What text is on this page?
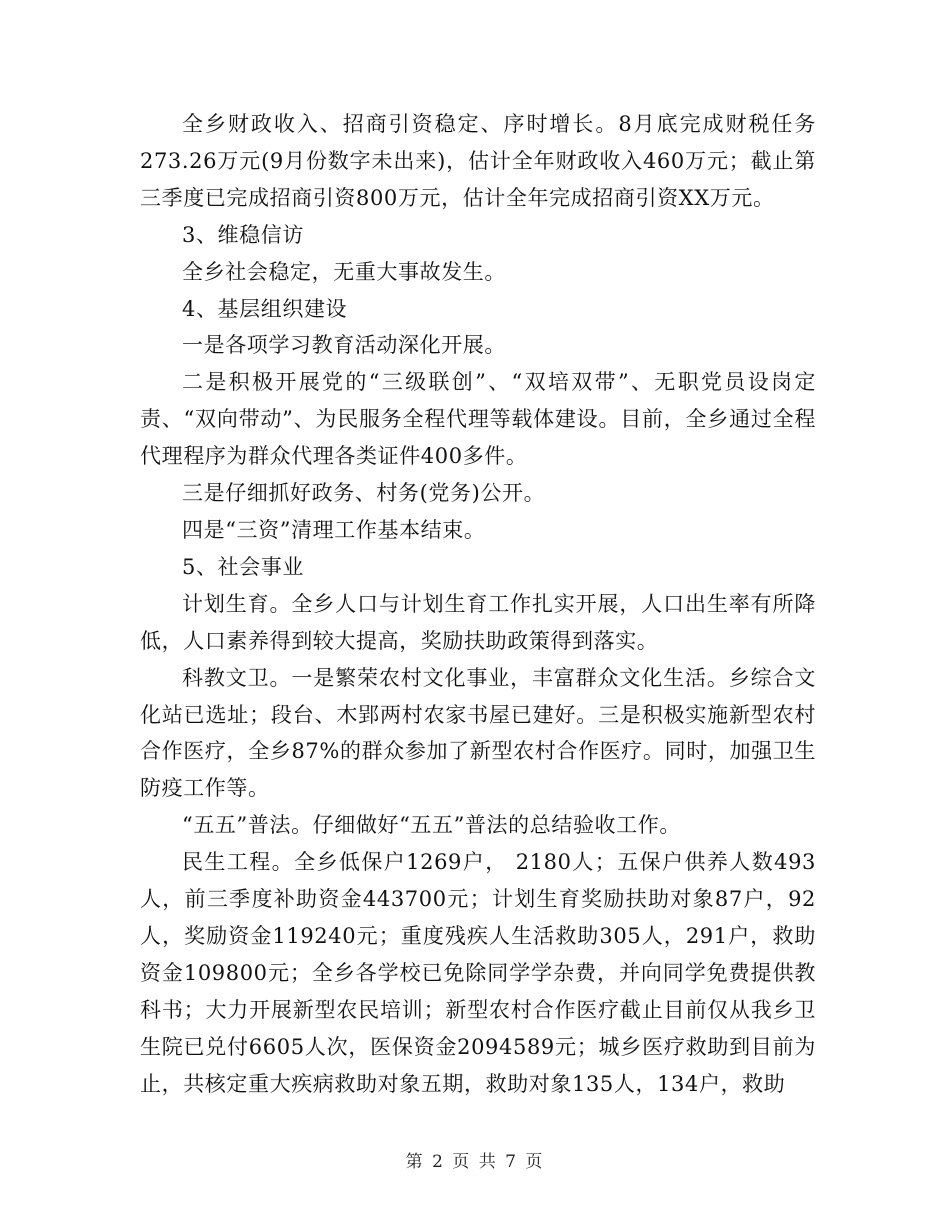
全乡财政收入、招商引资稳定、序时增长。8月底完成财税任务273.26万元(9月份数字未出来)，估计全年财政收入460万元；截止第三季度已完成招商引资800万元，估计全年完成招商引资XX万元。

3、维稳信访

全乡社会稳定，无重大事故发生。

4、基层组织建设

一是各项学习教育活动深化开展。

二是积极开展党的“三级联创”、“双培双带”、无职党员设岗定责、“双向带动”、为民服务全程代理等载体建设。目前，全乡通过全程代理程序为群众代理各类证件400多件。

三是仔细抓好政务、村务(党务)公开。

四是“三资”清理工作基本结束。

5、社会事业

计划生育。全乡人口与计划生育工作扎实开展，人口出生率有所降低，人口素养得到较大提高，奖励扶助政策得到落实。

科教文卫。一是繁荣农村文化事业，丰富群众文化生活。乡综合文化站已选址；段台、木郢两村农家书屋已建好。三是积极实施新型农村合作医疗，全乡87%的群众参加了新型农村合作医疗。同时，加强卫生防疫工作等。

“五五”普法。仔细做好“五五”普法的总结验收工作。

民生工程。全乡低保户1269户， 2180人；五保户供养人数493人，前三季度补助资金443700元；计划生育奖励扶助对象87户，92人，奖励资金119240元；重度残疾人生活救助305人，291户，救助资金109800元；全乡各学校已免除同学学杂费，并向同学免费提供教科书；大力开展新型农民培训；新型农村合作医疗截止目前仅从我乡卫生院已兑付6605人次，医保资金2094589元；城乡医疗救助到目前为止，共核定重大疾病救助对象五期，救助对象135人，134户，救助

第 2 页 共 7 页
